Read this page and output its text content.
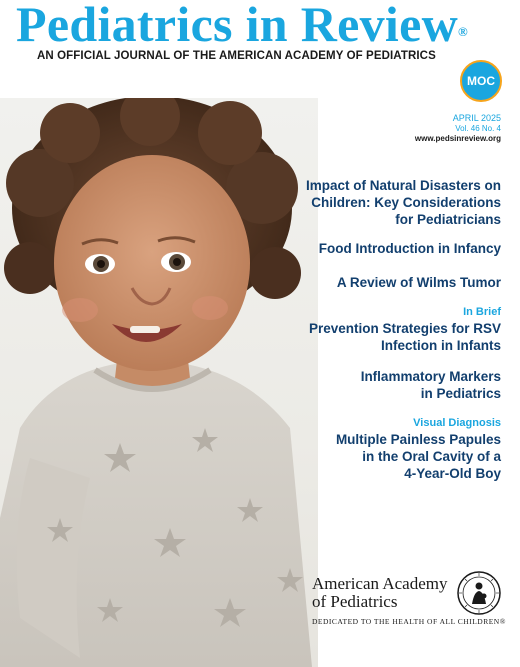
Pediatrics in Review®
AN OFFICIAL JOURNAL OF THE AMERICAN ACADEMY OF PEDIATRICS
MOC
APRIL 2025
Vol. 46 No. 4
www.pedsinreview.org
Impact of Natural Disasters on
Children: Key Considerations
for Pediatricians
Food Introduction in Infancy
A Review of Wilms Tumor
In Brief
Prevention Strategies for RSV
Infection in Infants
Inflammatory Markers
in Pediatrics
Visual Diagnosis
Multiple Painless Papules
in the Oral Cavity of a
4-Year-Old Boy
American Academy
of Pediatrics
DEDICATED TO THE HEALTH OF ALL CHILDREN®
